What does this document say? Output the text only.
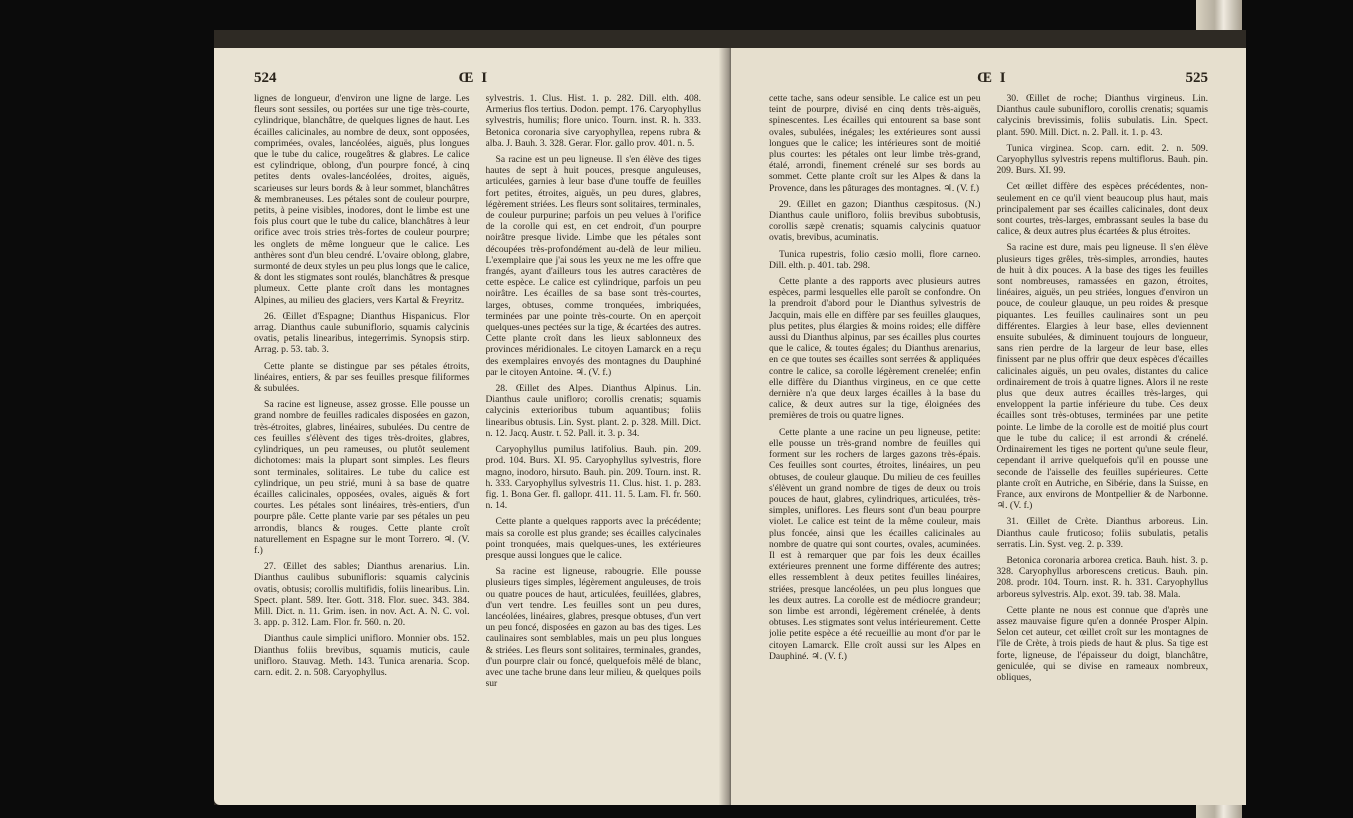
524	Œ I

lignes de longueur, d'environ une ligne de large. Les fleurs sont sessiles, ou portées sur une tige très-courte, cylindrique, blanchâtre, de quelques lignes de haut. Les écailles calicinales, au nombre de deux, sont opposées, comprimées, ovales, lancéolées, aiguës, plus longues que le tube du calice, rougeâtres & glabres. Le calice est cylindrique, oblong, d'un pourpre foncé, à cinq petites dents ovales-lancéolées, droites, aiguës, scarieuses sur leurs bords & à leur sommet, blanchâtres & membraneuses. Les pétales sont de couleur pourpre, petits, à peine visibles, inodores, dont le limbe est une fois plus court que le tube du calice, blanchâtres à leur orifice avec trois stries très-fortes de couleur pourpre; les onglets de même longueur que le calice. Les anthères sont d'un bleu cendré. L'ovaire oblong, glabre, surmonté de deux styles un peu plus longs que le calice, & dont les stigmates sont roulés, blanchâtres & presque plumeux. Cette plante croît dans les montagnes Alpines, au milieu des glaciers, vers Kartal & Freyritz.

26. Œillet d'Espagne; Dianthus Hispanicus. Flor arrag. Dianthus caule subuniflorio, squamis calycinis ovatis, petalis linearibus, integerrimis. Synopsis stirp. Arrag. p. 53. tab. 3.

Cette plante se distingue par ses pétales étroits, linéaires, entiers, & par ses feuilles presque filiformes & subulées.

Sa racine est ligneuse, assez grosse. Elle pousse un grand nombre de feuilles radicales disposées en gazon, très-étroites, glabres, linéaires, subulées. Du centre de ces feuilles s'élèvent des tiges très-droites, glabres, cylindriques, un peu rameuses, ou plutôt seulement dichotomes: mais la plupart sont simples. Les fleurs sont terminales, solitaires. Le tube du calice est cylindrique, un peu strié, muni à sa base de quatre écailles calicinales, opposées, ovales, aiguës & fort courtes. Les pétales sont linéaires, très-entiers, d'un pourpre pâle. Cette plante varie par ses pétales un peu arrondis, blancs & rouges. Cette plante croît naturellement en Espagne sur le mont Torrero. ♃. (V. f.)

27. Œillet des sables; Dianthus arenarius. Lin. Dianthus caulibus subunifloris: squamis calycinis ovatis, obtusis; corollis multifidis, foliis linearibus. Lin. Spect. plant. 589. Iter. Gott. 318. Flor. suec. 343. 384. Mill. Dict. n. 11. Grim. isen. in nov. Act. A. N. C. vol. 3. app. p. 312. Lam. Flor. fr. 560. n. 20.

Dianthus caule simplici unifloro. Monnier obs. 152. Dianthus foliis brevibus, squamis muticis, caule unifloro. Stauvag. Meth. 143. Tunica arenaria. Scop. carn. edit. 2. n. 508. Caryophyllus.

sylvestris. 1. Clus. Hist. 1. p. 282. Dill. elth. 408. Armerius flos tertius. Dodon. pempt. 176. Caryophyllus sylvestris, humilis; flore unico. Tourn. inst. R. h. 333. Betonica coronaria sive caryophyllea, repens rubra & alba. J. Bauh. 3. 328. Gerar. Flor. gallo prov. 401. n. 5.

Sa racine est un peu ligneuse. Il s'en élève des tiges hautes de sept à huit pouces, presque anguleuses, articulées, garnies à leur base d'une touffe de feuilles fort petites, étroites, aiguës, un peu dures, glabres, légèrement striées. Les fleurs sont solitaires, terminales, de couleur purpurine; parfois un peu velues à l'orifice de la corolle qui est, en cet endroit, d'un pourpre noirâtre presque livide. Limbe que les pétales sont découpées très-profondément au-delà de leur milieu. L'exemplaire que j'ai sous les yeux ne me les offre que frangés, ayant d'ailleurs tous les autres caractères de cette espèce. Le calice est cylindrique, parfois un peu noirâtre. Les écailles de sa base sont très-courtes, larges, obtuses, comme tronquées, imbriquées, terminées par une pointe très-courte. On en aperçoit quelques-unes pectées sur la tige, & écartées des autres. Cette plante croît dans les lieux sablonneux des provinces méridionales. Le citoyen Lamarck en a reçu des exemplaires envoyés des montagnes du Dauphiné par le citoyen Antoine. ♃. (V. f.)

28. Œillet des Alpes. Dianthus Alpinus. Lin. Dianthus caule unifloro; corollis crenatis; squamis calycinis exterioribus tubum aquantibus; foliis linearibus obtusis. Lin. Syst. plant. 2. p. 328. Mill. Dict. n. 12. Jacq. Austr. t. 52. Pall. it. 3. p. 34.

Caryophyllus pumilus latifolius. Bauh. pin. 209. prod. 104. Burs. XI. 95. Caryophyllus sylvestris, flore magno, inodoro, hirsuto. Bauh. pin. 209. Tourn. inst. R. h. 333. Caryophyllus sylvestris 11. Clus. hist. 1. p. 283. fig. 1. Bona Ger. fl. gallopr. 411. 11. 5. Lam. Fl. fr. 560. n. 14.

Cette plante a quelques rapports avec la précédente; mais sa corolle est plus grande; ses écailles calycinales point tronquées, mais quelques-unes, les extérieures presque aussi longues que le calice.

Sa racine est ligneuse, rabougrie. Elle pousse plusieurs tiges simples, légèrement anguleuses, de trois ou quatre pouces de haut, articulées, feuillées, glabres, d'un vert tendre. Les feuilles sont un peu dures, lancéolées, linéaires, glabres, presque obtuses, d'un vert un peu foncé, disposées en gazon au bas des tiges. Les caulinaires sont semblables, mais un peu plus longues & striées. Les fleurs sont solitaires, terminales, grandes, d'un pourpre clair ou foncé, quelquefois mêlé de blanc, avec une tache brune dans leur milieu, & quelques poils sur

Œ I	525

cette tache, sans odeur sensible. Le calice est un peu teint de pourpre, divisé en cinq dents très-aiguës, spinescentes. Les écailles qui entourent sa base sont ovales, subulées, inégales; les extérieures sont aussi longues que le calice; les intérieures sont de moitié plus courtes: les pétales ont leur limbe très-grand, étalé, arrondi, finement crénelé sur ses bords au sommet. Cette plante croît sur les Alpes & dans la Provence, dans les pâturages des montagnes. ♃. (V. f.)

29. Œillet en gazon; Dianthus cæspitosus. (N.) Dianthus caule unifloro, foliis brevibus subobtusis, corollis sæpè crenatis; squamis calycinis quatuor ovatis, brevibus, acuminatis.

Tunica rupestris, folio cæsio molli, flore carneo. Dill. elth. p. 401. tab. 298.

Cette plante a des rapports avec plusieurs autres espèces, parmi lesquelles elle paroît se confondre. On la prendroit d'abord pour le Dianthus sylvestris de Jacquin, mais elle en diffère par ses feuilles glauques, plus petites, plus élargies & moins roides; elle diffère aussi du Dianthus alpinus, par ses écailles plus courtes que le calice, & toutes égales; du Dianthus arenarius, en ce que toutes ses écailles sont serrées & appliquées contre le calice, sa corolle légèrement crenelée; enfin elle diffère du Dianthus virgineus, en ce que cette dernière n'a que deux larges écailles à la base du calice, & deux autres sur la tige, éloignées des premières de trois ou quatre lignes.

Cette plante a une racine un peu ligneuse, petite: elle pousse un très-grand nombre de feuilles qui forment sur les rochers de larges gazons très-épais. Ces feuilles sont courtes, étroites, linéaires, un peu obtuses, de couleur glauque. Du milieu de ces feuilles s'élèvent un grand nombre de tiges de deux ou trois pouces de haut, glabres, cylindriques, articulées, très-simples, uniflores. Les fleurs sont d'un beau pourpre violet. Le calice est teint de la même couleur, mais plus foncée, ainsi que les écailles calicinales au nombre de quatre qui sont courtes, ovales, acuminées. Il est à remarquer que par fois les deux écailles extérieures prennent une forme différente des autres; elles ressemblent à deux petites feuilles linéaires, striées, presque lancéolées, un peu plus longues que les deux autres. La corolle est de médiocre grandeur; son limbe est arrondi, légèrement crénelée, à dents obtuses. Les stigmates sont velus intérieurement. Cette jolie petite espèce a été recueillie au mont d'or par le citoyen Lamarck. Elle croît aussi sur les Alpes en Dauphiné. ♃. (V. f.)

30. Œillet de roche; Dianthus virgineus. Lin. Dianthus caule subunifloro, corollis crenatis; squamis calycinis brevissimis, foliis subulatis. Lin. Spect. plant. 590. Mill. Dict. n. 2. Pall. it. 1. p. 43.

Tunica virginea. Scop. carn. edit. 2. n. 509. Caryophyllus sylvestris repens multiflorus. Bauh. pin. 209. Burs. XI. 99.

Cet œillet diffère des espèces précédentes, non-seulement en ce qu'il vient beaucoup plus haut, mais principalement par ses écailles calicinales, dont deux sont courtes, très-larges, embrassant seules la base du calice, & deux autres plus écartées & plus étroites.

Sa racine est dure, mais peu ligneuse. Il s'en élève plusieurs tiges grêles, très-simples, arrondies, hautes de huit à dix pouces. A la base des tiges les feuilles sont nombreuses, ramassées en gazon, étroites, linéaires, aiguës, un peu striées, longues d'environ un pouce, de couleur glauque, un peu roides & presque piquantes. Les feuilles caulinaires sont un peu différentes. Elargies à leur base, elles deviennent ensuite subulées, & diminuent toujours de longueur, sans rien perdre de la largeur de leur base, elles finissent par ne plus offrir que deux espèces d'écailles calicinales aiguës, un peu ovales, distantes du calice ordinairement de trois à quatre lignes. Alors il ne reste plus que deux autres écailles très-larges, qui enveloppent la partie inférieure du tube. Ces deux écailles sont très-obtuses, terminées par une petite pointe. Le limbe de la corolle est de moitié plus court que le tube du calice; il est arrondi & crénelé. Ordinairement les tiges ne portent qu'une seule fleur, cependant il arrive quelquefois qu'il en pousse une seconde de l'aisselle des feuilles supérieures. Cette plante croît en Autriche, en Sibérie, dans la Suisse, en France, aux environs de Montpellier & de Narbonne. ♃. (V. f.)

31. Œillet de Crète. Dianthus arboreus. Lin. Dianthus caule fruticoso; foliis subulatis, petalis serratis. Lin. Syst. veg. 2. p. 339.

Betonica coronaria arborea cretica. Bauh. hist. 3. p. 328. Caryophyllus arborescens creticus. Bauh. pin. 208. prodr. 104. Tourn. inst. R. h. 331. Caryophyllus arboreus sylvestris. Alp. exot. 39. tab. 38. Mala.

Cette plante ne nous est connue que d'après une assez mauvaise figure qu'en a donnée Prosper Alpin. Selon cet auteur, cet œillet croît sur les montagnes de l'île de Crète, à trois pieds de haut & plus. Sa tige est forte, ligneuse, de l'épaisseur du doigt, blanchâtre, geniculée, qui se divise en rameaux nombreux, obliques,
